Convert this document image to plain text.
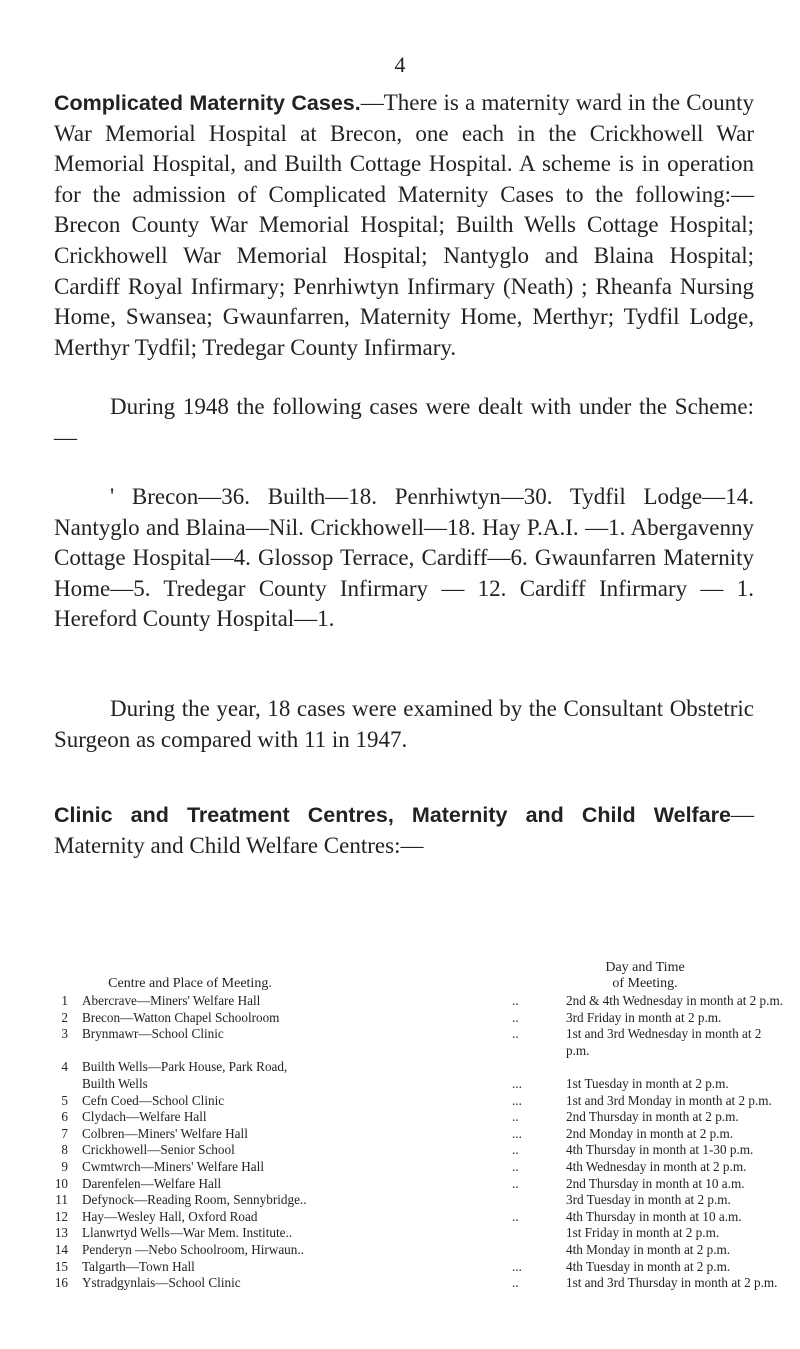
4

Complicated Maternity Cases.—There is a maternity ward in the County War Memorial Hospital at Brecon, one each in the Crickhowell War Memorial Hospital, and Builth Cottage Hospital. A scheme is in operation for the admission of Complicated Maternity Cases to the following:—Brecon County War Memorial Hospital; Builth Wells Cottage Hospital; Crickhowell War Memorial Hospital; Nantyglo and Blaina Hospital; Cardiff Royal Infirmary; Penrhiwtyn Infirmary (Neath) ; Rheanfa Nursing Home, Swansea; Gwaunfarren, Maternity Home, Merthyr; Tydfil Lodge, Merthyr Tydfil; Tredegar County Infirmary.

During 1948 the following cases were dealt with under the Scheme:—

' Brecon—36. Builth—18. Penrhiwtyn—30. Tydfil Lodge—14. Nantyglo and Blaina—Nil. Crickhowell—18. Hay P.A.I. —1. Abergavenny Cottage Hospital—4. Glossop Terrace, Cardiff—6. Gwaunfarren Maternity Home—5. Tredegar County Infirmary — 12. Cardiff Infirmary — 1. Hereford County Hospital—1.

During the year, 18 cases were examined by the Consultant Obstetric Surgeon as compared with 11 in 1947.

Clinic and Treatment Centres, Maternity and Child Welfare—Maternity and Child Welfare Centres:—

Centre and Place of Meeting.
Day and Time
of Meeting.
1 Abercrave—Miners' Welfare Hall	..	2nd & 4th Wednesday in month at 2 p.m.
2 Brecon—Watton Chapel Schoolroom	..	3rd Friday in month at 2 p.m.
3 Brynmawr—School Clinic	..	1st and 3rd Wednesday in month at 2
p.m.
4 Builth Wells—Park House, Park Road,
Builth Wells	...	1st Tuesday in month at 2 p.m.
5 Cefn Coed—School Clinic	...	1st and 3rd Monday in month at 2 p.m.
6 Clydach—Welfare Hall	..	2nd Thursday in month at 2 p.m.
7 Colbren—Miners' Welfare Hall	...	2nd Monday in month at 2 p.m.
8 Crickhowell—Senior School	..	4th Thursday in month at 1-30 p.m.
9 Cwmtwrch—Miners' Welfare Hall	..	4th Wednesday in month at 2 p.m.
10 Darenfelen—Welfare Hall	..	2nd Thursday in month at 10 a.m.
11 Defynock—Reading Room, Sennybridge..	3rd Tuesday in month at 2 p.m.
12 Hay—Wesley Hall, Oxford Road	..	4th Thursday in month at 10 a.m.
13 Llanwrtyd Wells—War Mem. Institute..	1st Friday in month at 2 p.m.
14 Penderyn —Nebo Schoolroom, Hirwaun..	4th Monday in month at 2 p.m.
15 Talgarth—Town Hall	...	4th Tuesday in month at 2 p.m.
16 Ystradgynlais—School Clinic	..	1st and 3rd Thursday in month at 2 p.m.
